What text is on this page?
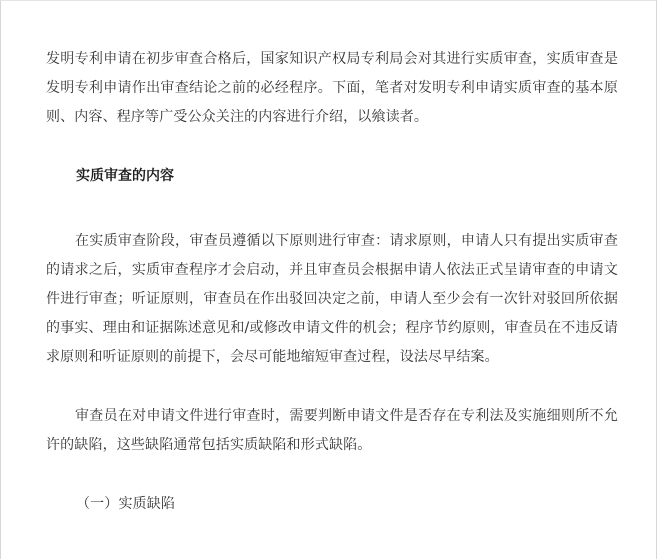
发明专利申请在初步审查合格后，国家知识产权局专利局会对其进行实质审查，实质审查是发明专利申请作出审查结论之前的必经程序。下面，笔者对发明专利申请实质审查的基本原则、内容、程序等广受公众关注的内容进行介绍，以飨读者。

实质审查的内容

在实质审查阶段，审查员遵循以下原则进行审查：请求原则，申请人只有提出实质审查的请求之后，实质审查程序才会启动，并且审查员会根据申请人依法正式呈请审查的申请文件进行审查；听证原则，审查员在作出驳回决定之前，申请人至少会有一次针对驳回所依据的事实、理由和证据陈述意见和/或修改申请文件的机会；程序节约原则，审查员在不违反请求原则和听证原则的前提下，会尽可能地缩短审查过程，设法尽早结案。

审查员在对申请文件进行审查时，需要判断申请文件是否存在专利法及实施细则所不允许的缺陷，这些缺陷通常包括实质缺陷和形式缺陷。

（一）实质缺陷
